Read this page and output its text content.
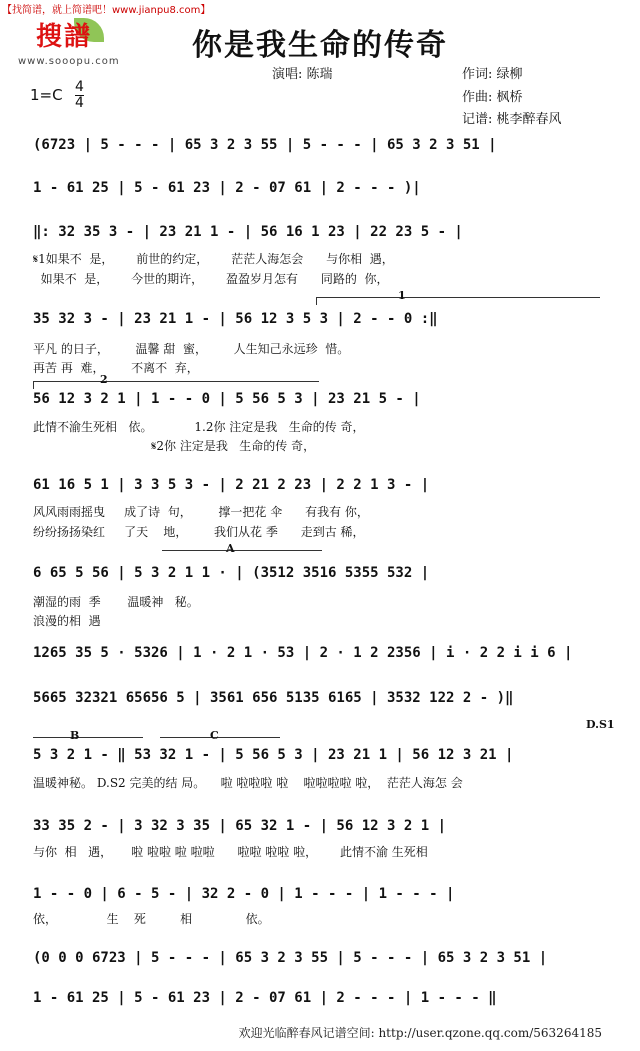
【找简谱，就上简谱吧！www.jianpu8.com】
搜譜
www.sooopu.com	你是我生命的传奇
演唱: 陈瑞	作词: 绿柳
作曲: 枫桥
记谱: 桃李醉春风
1=C 4
4
(6723 | 5 - - - | 65 3 2 3 55 | 5 - - - | 65 3 2 3 51 |
1 - 61 25 | 5 - 61 23 | 2 - 07 61 | 2 - - - )|
‖: 32 35 3 - | 23 21 1 - | 56 16 1 23 | 22 23 5 - |
𝄋1如果不  是，      前世的约定，      茫茫人海怎会      与你相  遇，
如果不  是，      今世的期许，      盈盈岁月怎有      同路的  你，
1
35 32 3 - | 23 21 1 - | 56 12 3 5 3 | 2 - - 0 :‖
平凡 的日子，       温馨 甜  蜜，       人生知己永远珍  惜。
再苦 再  难，       不离不  弃，
2
56 12 3 2 1 | 1 - - 0 | 5 56 5 3 | 23 21 5 - |
此情不渝生死相   依。           1.2你 注定是我   生命的传 奇，
𝄋2你 注定是我   生命的传 奇，
61 16 5 1 | 3 3 5 3 - | 2 21 2 23 | 2 2 1 3 - |
风风雨雨摇曳     成了诗  句，       撑一把花 伞      有我有 你，
纷纷扬扬染红     了天    地，       我们从花 季      走到古 稀，
A
6 65 5 56 | 5 3 2 1 1 · | (3512 3516 5355 532 |
潮湿的雨  季       温暖神   秘。
浪漫的相  遇
1265 35 5 · 5326 | 1 · 2 1 · 53 | 2 · 1 2 2356 | i · 2 2 i i 6 |
5665 32321 65656 5 | 3561 656 5135 6165 | 3532 122 2 - )‖
D.S1
B	C
5 3 2 1 - ‖ 53 32 1 - | 5 56 5 3 | 23 21 1 | 56 12 3 21 |
温暖神秘。 D.S2 完美的结 局。    啦 啦啦啦 啦    啦啦啦啦 啦，  茫茫人海怎 会
33 35 2 - | 3 32 3 35 | 65 32 1 - | 56 12 3 2 1 |
与你  相   遇，     啦 啦啦 啦 啦啦      啦啦 啦啦 啦，      此情不渝 生死相
1 - - 0 | 6 - 5 - | 32 2 - 0 | 1 - - - | 1 - - - |
依，             生    死         相              依。
(0 0 0 6723 | 5 - - - | 65 3 2 3 55 | 5 - - - | 65 3 2 3 51 |
1 - 61 25 | 5 - 61 23 | 2 - 07 61 | 2 - - - | 1 - - - ‖
欢迎光临醉春风记谱空间: http://user.qzone.qq.com/563264185
